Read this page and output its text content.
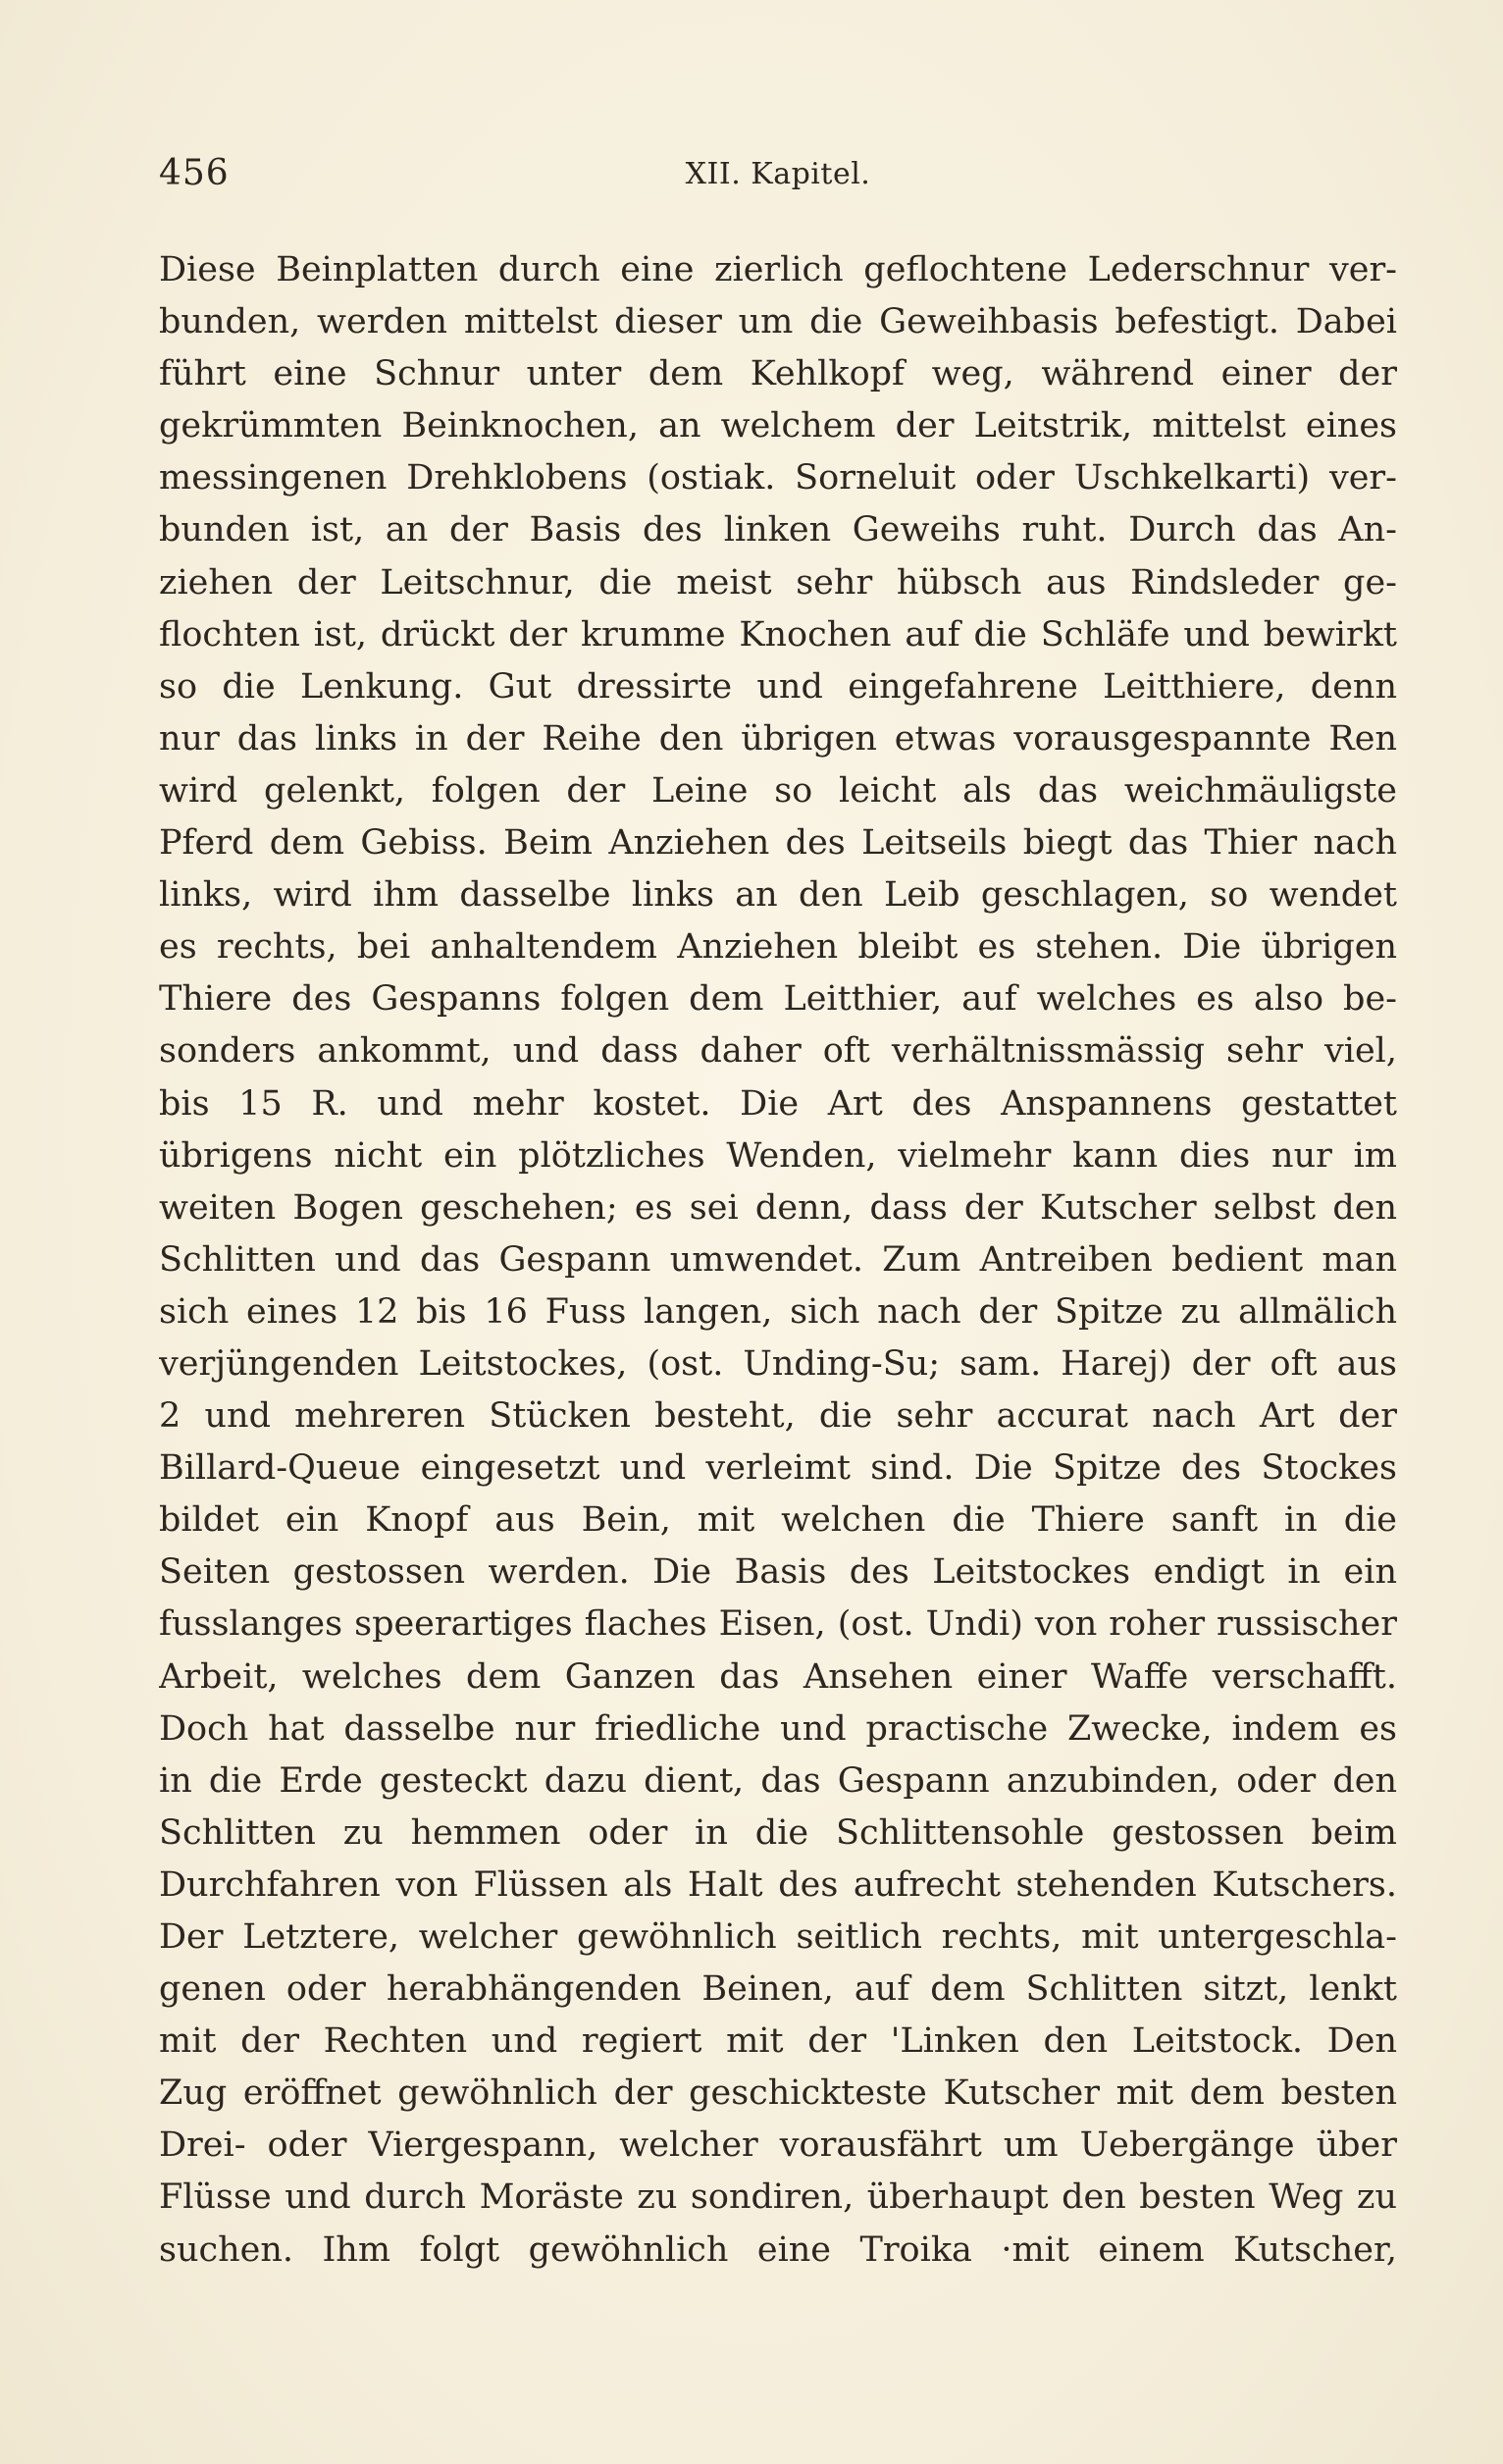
456	XII. Kapitel.
Diese Beinplatten durch eine zierlich geflochtene Lederschnur ver-
bunden, werden mittelst dieser um die Geweihbasis befestigt. Dabei
führt eine Schnur unter dem Kehlkopf weg, während einer der
gekrümmten Beinknochen, an welchem der Leitstrik, mittelst eines
messingenen Drehklobens (ostiak. Sorneluit oder Uschkelkarti) ver-
bunden ist, an der Basis des linken Geweihs ruht. Durch das An-
ziehen der Leitschnur, die meist sehr hübsch aus Rindsleder ge-
flochten ist, drückt der krumme Knochen auf die Schläfe und bewirkt
so die Lenkung. Gut dressirte und eingefahrene Leitthiere, denn
nur das links in der Reihe den übrigen etwas vorausgespannte Ren
wird gelenkt, folgen der Leine so leicht als das weichmäuligste
Pferd dem Gebiss. Beim Anziehen des Leitseils biegt das Thier nach
links, wird ihm dasselbe links an den Leib geschlagen, so wendet
es rechts, bei anhaltendem Anziehen bleibt es stehen. Die übrigen
Thiere des Gespanns folgen dem Leitthier, auf welches es also be-
sonders ankommt, und dass daher oft verhältnissmässig sehr viel,
bis 15 R. und mehr kostet. Die Art des Anspannens gestattet
übrigens nicht ein plötzliches Wenden, vielmehr kann dies nur im
weiten Bogen geschehen; es sei denn, dass der Kutscher selbst den
Schlitten und das Gespann umwendet. Zum Antreiben bedient man
sich eines 12 bis 16 Fuss langen, sich nach der Spitze zu allmälich
verjüngenden Leitstockes, (ost. Unding-Su; sam. Harej) der oft aus
2 und mehreren Stücken besteht, die sehr accurat nach Art der
Billard-Queue eingesetzt und verleimt sind. Die Spitze des Stockes
bildet ein Knopf aus Bein, mit welchen die Thiere sanft in die
Seiten gestossen werden. Die Basis des Leitstockes endigt in ein
fusslanges speerartiges flaches Eisen, (ost. Undi) von roher russischer
Arbeit, welches dem Ganzen das Ansehen einer Waffe verschafft.
Doch hat dasselbe nur friedliche und practische Zwecke, indem es
in die Erde gesteckt dazu dient, das Gespann anzubinden, oder den
Schlitten zu hemmen oder in die Schlittensohle gestossen beim
Durchfahren von Flüssen als Halt des aufrecht stehenden Kutschers.
Der Letztere, welcher gewöhnlich seitlich rechts, mit untergeschla-
genen oder herabhängenden Beinen, auf dem Schlitten sitzt, lenkt
mit der Rechten und regiert mit der 'Linken den Leitstock. Den
Zug eröffnet gewöhnlich der geschickteste Kutscher mit dem besten
Drei- oder Viergespann, welcher vorausfährt um Uebergänge über
Flüsse und durch Moräste zu sondiren, überhaupt den besten Weg zu
suchen. Ihm folgt gewöhnlich eine Troika ·mit einem Kutscher,
